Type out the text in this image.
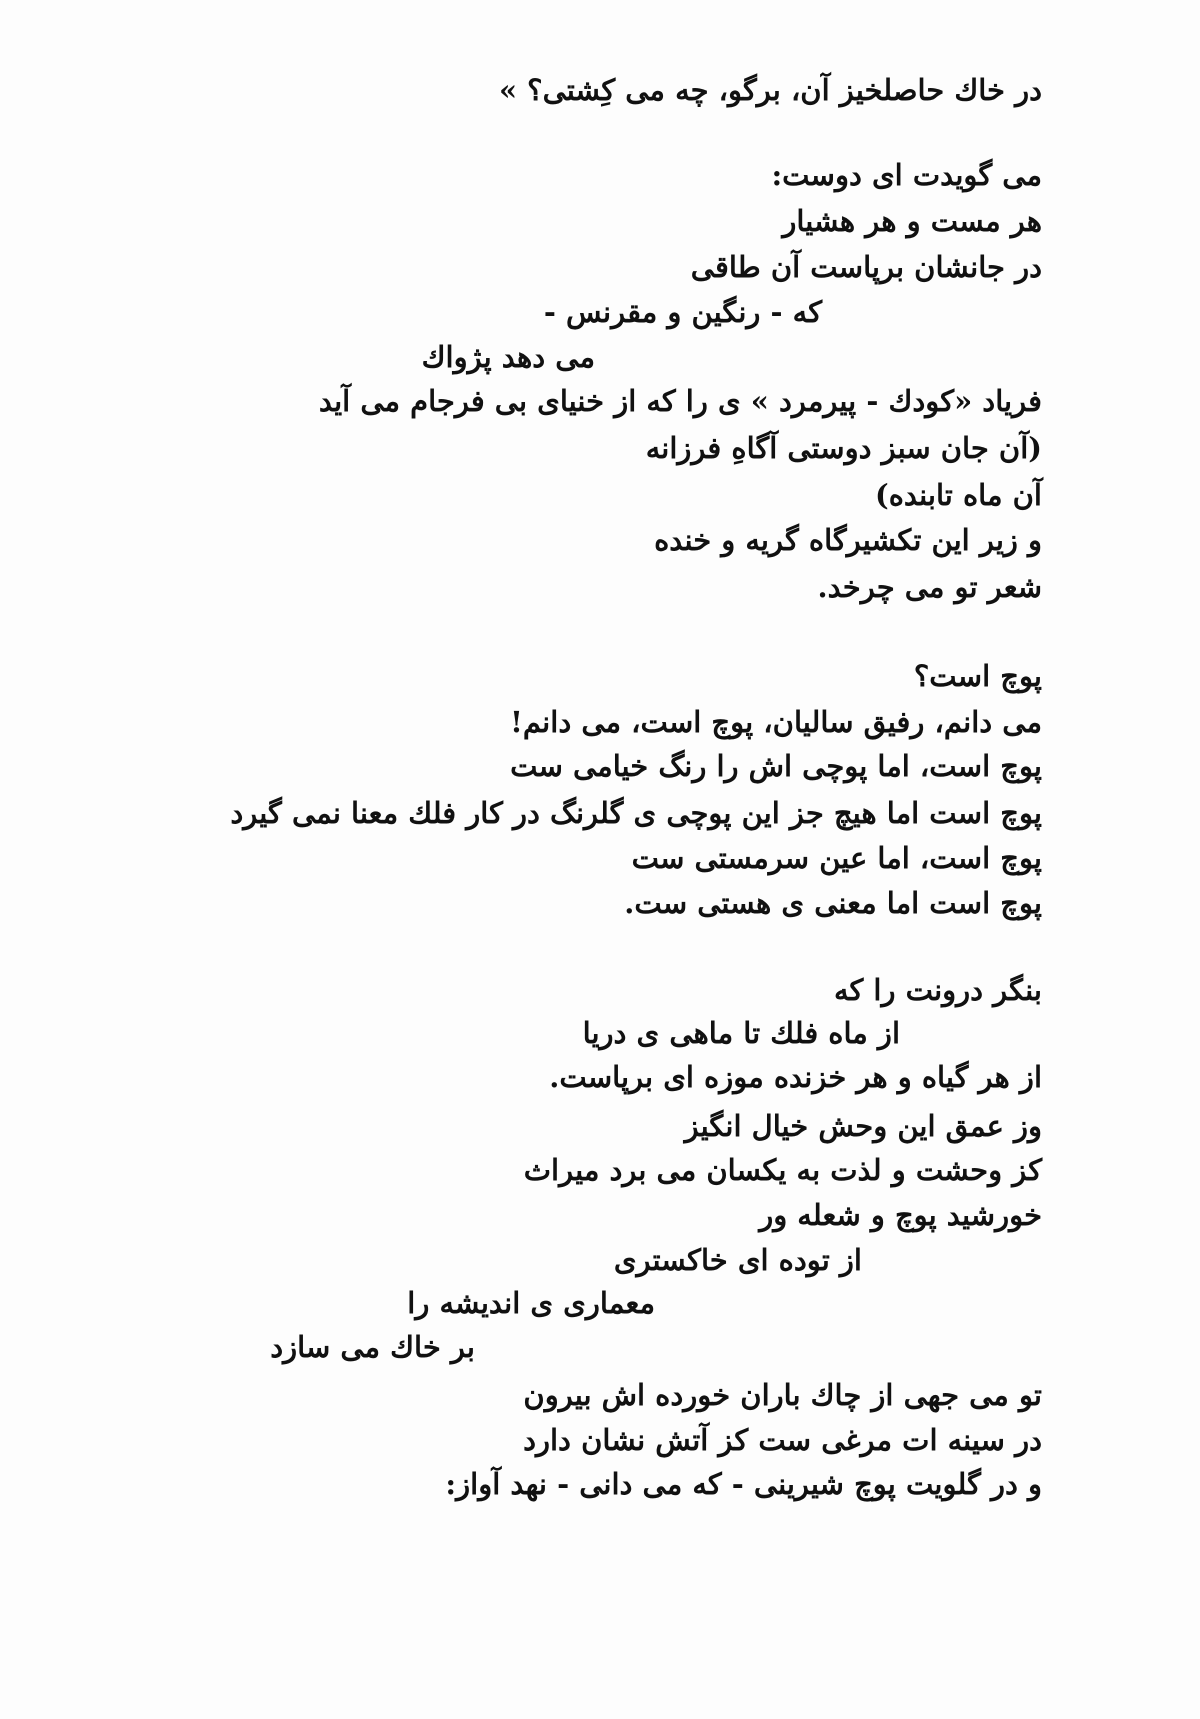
در خاك حاصلخيز آن، برگو، چه می كِشتی؟ »
می گويدت ای دوست:
هر مست و هر هشيار
در جانشان برپاست آن طاقی
كه - رنگين و مقرنس -
می دهد پژواك
فرياد «كودك - پيرمرد » ی را كه از خنيای بی فرجام می آيد
(آن جان سبز دوستی آگاهِ فرزانه
آن ماه تابنده)
و زير اين تكشيرگاه گريه و خنده
شعر تو می چرخد.
پوچ است؟
می دانم، رفيق ساليان، پوچ است، می دانم!
پوچ است، اما پوچی اش را رنگ خيامی ست
پوچ است اما هيچ جز اين پوچی ی گلرنگ در كار فلك معنا نمی گيرد
پوچ است، اما عين سرمستی ست
پوچ است اما معنی ی هستی ست.
بنگر درونت را كه
از ماه فلك تا ماهی ی دريا
از هر گياه و هر خزنده موزه ای برپاست.
وز عمق اين وحش خيال انگيز
كز وحشت و لذت به يكسان می برد ميراث
خورشيد پوچ و شعله ور
از توده ای خاكستری
معماری ی انديشه را
بر خاك می سازد
تو می جهی از چاك باران خورده اش بيرون
در سينه ات مرغی ست كز آتش نشان دارد
و در گلويت پوچ شيرينی - كه می دانی - نهد آواز:
